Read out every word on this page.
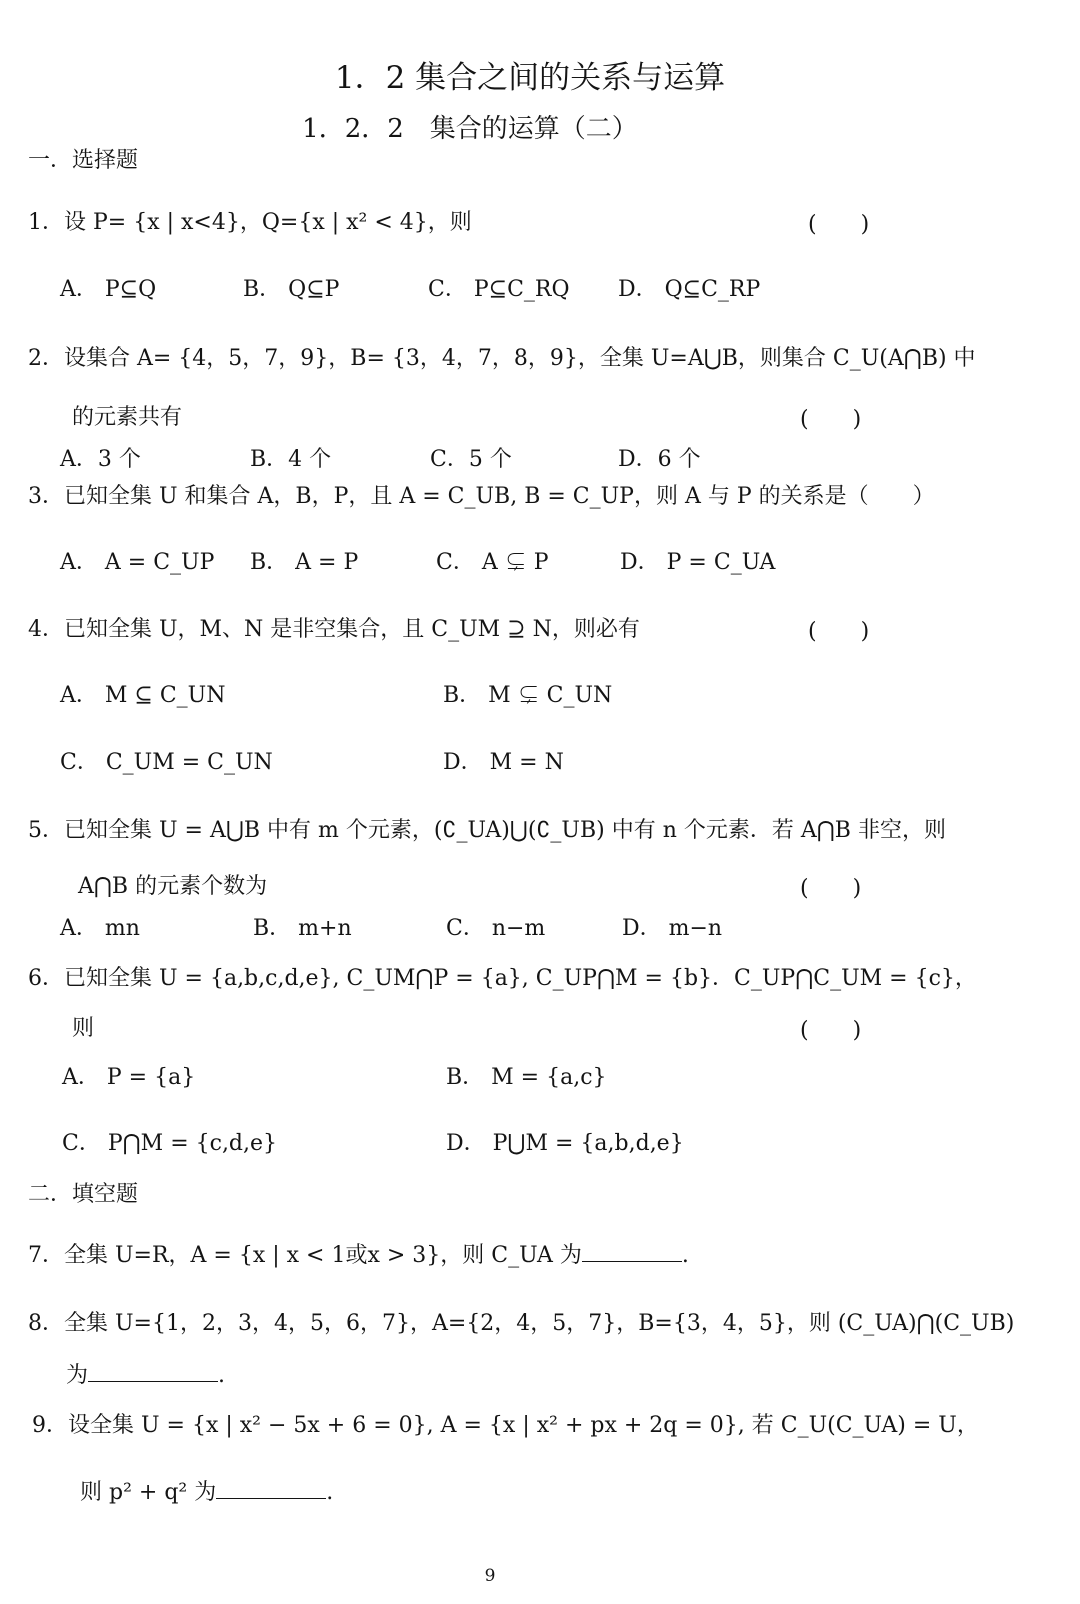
1．2 集合之间的关系与运算
1．2．2　集合的运算（二）
一．选择题
1．设 P= {x | x<4}，Q={x | x² < 4}，则	(　　)
A． P⊆Q	B． Q⊆P	C． P⊆C_RQ D． Q⊆C_RP
2．设集合 A= {4，5，7，9}，B= {3，4，7，8，9}，全集 U=A⋃B，则集合 C_U(A⋂B) 中
的元素共有	(　　)
A．3 个	B．4 个	C．5 个	D．6 个
3．已知全集 U 和集合 A，B，P，且 A = C_UB, B = C_UP，则 A 与 P 的关系是（　　）
A． A = C_UP B． A = P	C． A ⊊ P	D． P = C_UA
4．已知全集 U，M、N 是非空集合，且 C_UM ⊇ N，则必有	(　　)
A． M ⊆ C_UN	B． M ⊊ C_UN
C． C_UM = C_UN	D． M = N
5．已知全集 U = A⋃B 中有 m 个元素，(∁_UA)⋃(∁_UB) 中有 n 个元素．若 A⋂B 非空，则
A⋂B 的元素个数为	(　　)
A． mn	B． m+n	C． n−m	D． m−n
6．已知全集 U = {a,b,c,d,e}, C_UM⋂P = {a}, C_UP⋂M = {b}．C_UP⋂C_UM = {c}，
则	(　　)
A． P = {a}	B． M = {a,c}
C． P⋂M = {c,d,e}	D． P⋃M = {a,b,d,e}
二．填空题
7．全集 U=R，A = {x | x < 1或x > 3}，则 C_UA 为	.
8．全集 U={1，2，3，4，5，6，7}，A={2，4，5，7}，B={3，4，5}，则 (C_UA)⋂(C_UB)
为	.
9．设全集 U = {x | x² − 5x + 6 = 0}, A = {x | x² + px + 2q = 0}, 若 C_U(C_UA) = U，
则 p² + q² 为	.
9
